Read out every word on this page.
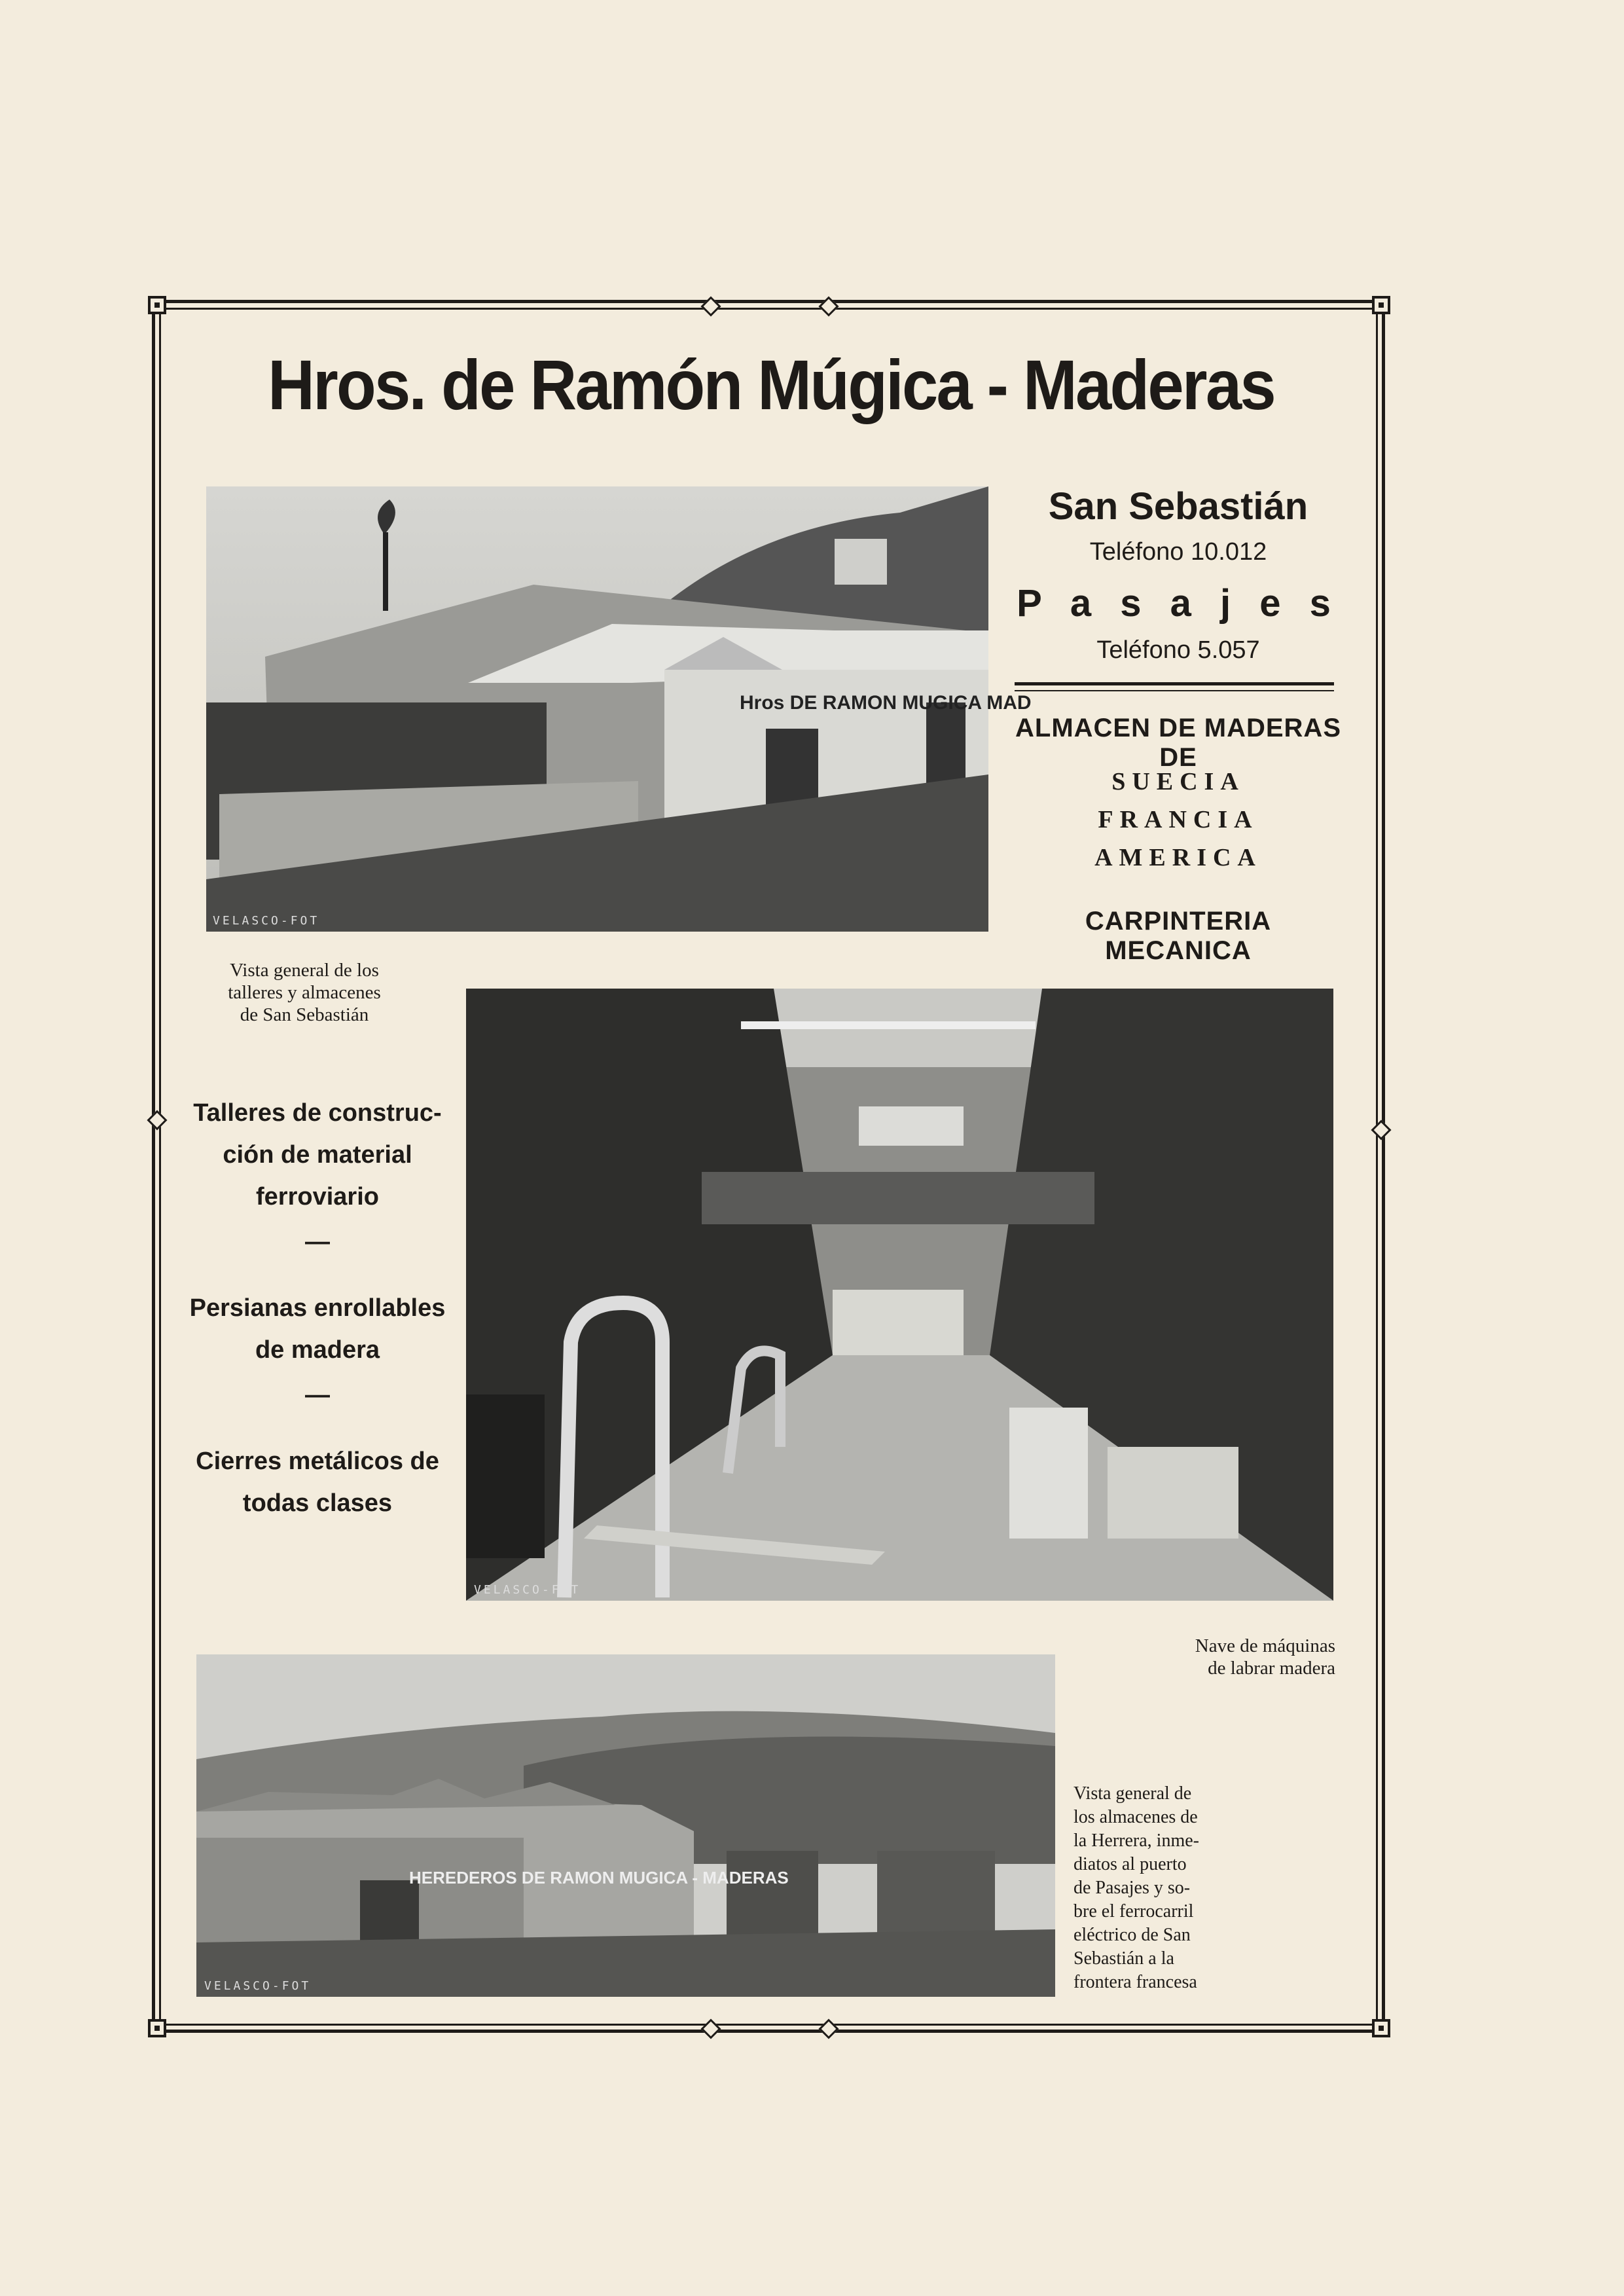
Hros. de Ramón Múgica - Maderas
Hros DE RAMON MUGICA MAD
VELASCO-FOT
San Sebastián
Teléfono 10.012
P a s a j e s
Teléfono 5.057
ALMACEN DE MADERAS DE
SUECIA
FRANCIA
AMERICA
CARPINTERIA MECANICA
Vista general de los
talleres y almacenes
de San Sebastián
Talleres de construc-
ción de material
ferroviario
—
Persianas enrollables
de madera
—
Cierres metálicos de
todas clases
VELASCO-FOT
Nave de máquinas
de labrar madera
HEREDEROS DE RAMON MUGICA - MADERAS
VELASCO-FOT
Vista general de
los almacenes de
la Herrera, inme-
diatos al puerto
de Pasajes y so-
bre el ferrocarril
eléctrico de San
Sebastián a la
frontera francesa
